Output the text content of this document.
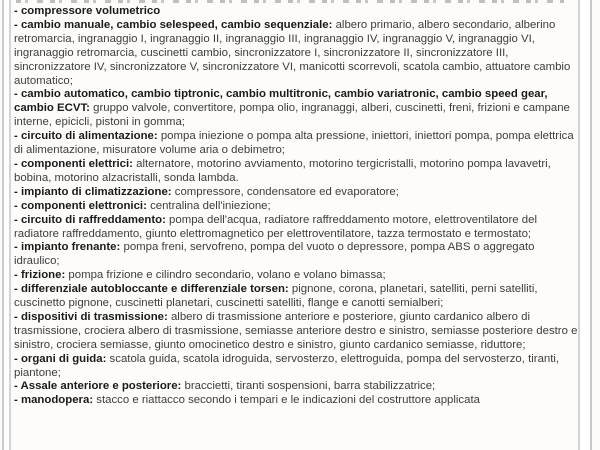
- compressore volumetrico

- cambio manuale, cambio selespeed, cambio sequenziale: albero primario, albero secondario, alberino retromarcia, ingranaggio I, ingranaggio II, ingranaggio III, ingranaggio IV, ingranaggio V, ingranaggio VI, ingranaggio retromarcia, cuscinetti cambio, sincronizzatore I, sincronizzatore II, sincronizzatore III, sincronizzatore IV, sincronizzatore V, sincronizzatore VI, manicotti scorrevoli, scatola cambio, attuatore cambio automatico;

- cambio automatico, cambio tiptronic, cambio multitronic, cambio variatronic, cambio speed gear, cambio ECVT: gruppo valvole, convertitore, pompa olio, ingranaggi, alberi, cuscinetti, freni, frizioni e campane interne, epicicli, pistoni in gomma;

- circuito di alimentazione: pompa iniezione o pompa alta pressione, iniettori, iniettori pompa, pompa elettrica di alimentazione, misuratore volume aria o debimetro;

- componenti elettrici: alternatore, motorino avviamento, motorino tergicristalli, motorino pompa lavavetri, bobina, motorino alzacristalli, sonda lambda.

- impianto di climatizzazione: compressore, condensatore ed evaporatore;

- componenti elettronici: centralina dell'iniezione;

- circuito di raffreddamento: pompa dell'acqua, radiatore raffreddamento motore, elettroventilatore del radiatore raffreddamento, giunto elettromagnetico per elettroventilatore, tazza termostato e termostato;

- impianto frenante: pompa freni, servofreno, pompa del vuoto o depressore, pompa ABS o aggregato idraulico;

- frizione: pompa frizione e cilindro secondario, volano e volano bimassa;

- differenziale autobloccante e differenziale torsen: pignone, corona, planetari, satelliti, perni satelliti, cuscinetto pignone, cuscinetti planetari, cuscinetti satelliti, flange e canotti semialberi;

- dispositivi di trasmissione: albero di trasmissione anteriore e posteriore, giunto cardanico albero di trasmissione, crociera albero di trasmissione, semiasse anteriore destro e sinistro, semiasse posteriore destro e sinistro, crociera semiasse, giunto omocinetico destro e sinistro, giunto cardanico semiasse, riduttore;

- organi di guida: scatola guida, scatola idroguida, servosterzo, elettroguida, pompa del servosterzo, tiranti, piantone;

- Assale anteriore e posteriore: braccietti, tiranti sospensioni, barra stabilizzatrice;

- manodopera: stacco e riattacco secondo i tempari e le indicazioni del costruttore applicata
